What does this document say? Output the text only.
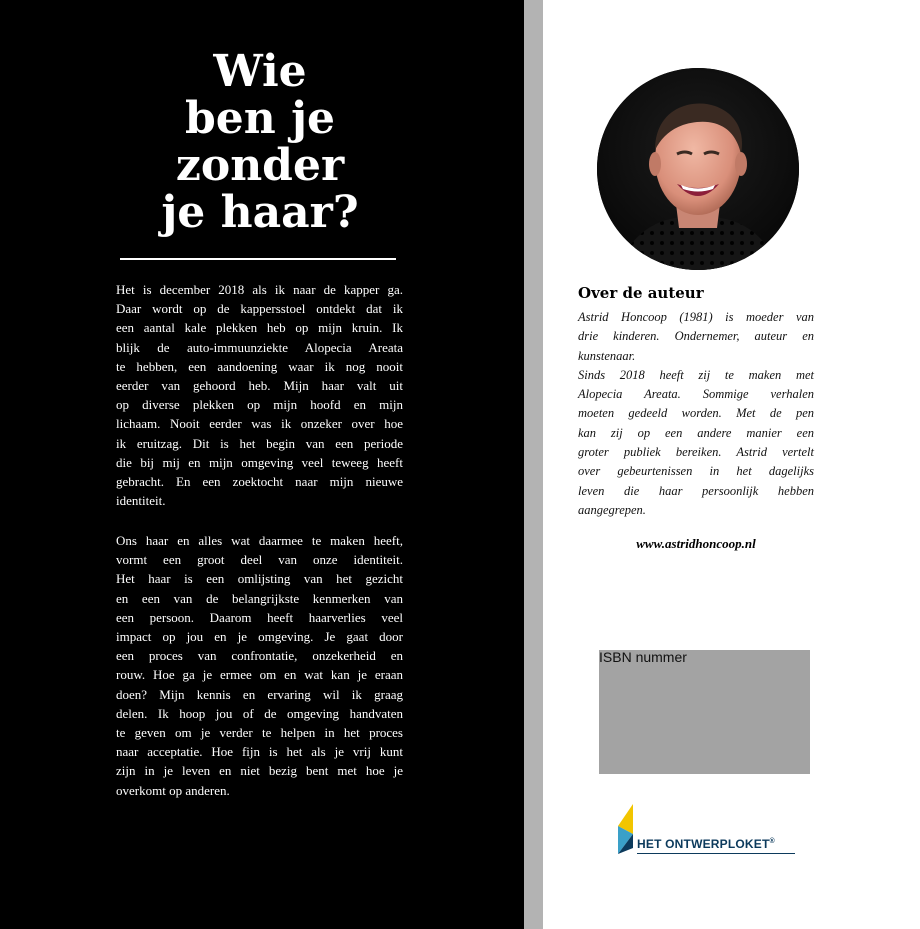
Wie
ben je
zonder
je haar?
Het is december 2018 als ik naar de kapper ga.
Daar wordt op de kappersstoel ontdekt dat ik
een aantal kale plekken heb op mijn kruin. Ik
blijk de auto-immuunziekte Alopecia Areata
te hebben, een aandoening waar ik nog nooit
eerder van gehoord heb. Mijn haar valt uit
op diverse plekken op mijn hoofd en mijn
lichaam. Nooit eerder was ik onzeker over hoe
ik eruitzag. Dit is het begin van een periode
die bij mij en mijn omgeving veel teweeg heeft
gebracht. En een zoektocht naar mijn nieuwe
identiteit.
Ons haar en alles wat daarmee te maken heeft,
vormt een groot deel van onze identiteit.
Het haar is een omlijsting van het gezicht
en een van de belangrijkste kenmerken van
een persoon. Daarom heeft haarverlies veel
impact op jou en je omgeving. Je gaat door
een proces van confrontatie, onzekerheid en
rouw. Hoe ga je ermee om en wat kan je eraan
doen? Mijn kennis en ervaring wil ik graag
delen. Ik hoop jou of de omgeving handvaten
te geven om je verder te helpen in het proces
naar acceptatie. Hoe fijn is het als je vrij kunt
zijn in je leven en niet bezig bent met hoe je
overkomt op anderen.
Over de auteur
Astrid Honcoop (1981) is moeder van
drie kinderen. Ondernemer, auteur en
kunstenaar.
Sinds 2018 heeft zij te maken met
Alopecia Areata. Sommige verhalen
moeten gedeeld worden. Met de pen
kan zij op een andere manier een
groter publiek bereiken. Astrid vertelt
over gebeurtenissen in het dagelijks
leven die haar persoonlijk hebben
aangegrepen.
www.astridhoncoop.nl
ISBN nummer
HET ONTWERPLOKET®
